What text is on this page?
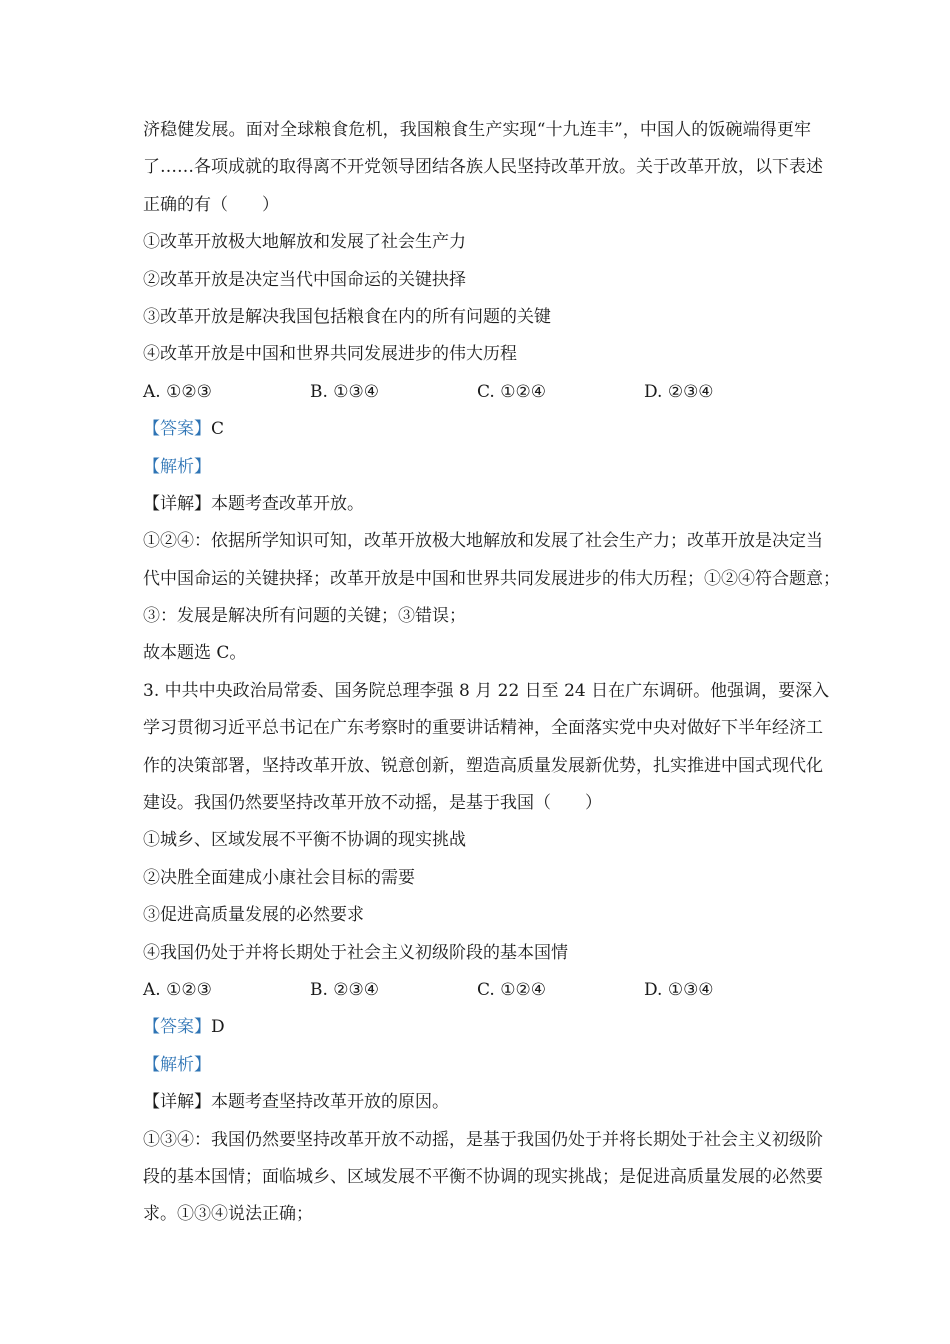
济稳健发展。面对全球粮食危机，我国粮食生产实现“十九连丰”，中国人的饭碗端得更牢
了……各项成就的取得离不开党领导团结各族人民坚持改革开放。关于改革开放，以下表述
正确的有（　　）
①改革开放极大地解放和发展了社会生产力
②改革开放是决定当代中国命运的关键抉择
③改革开放是解决我国包括粮食在内的所有问题的关键
④改革开放是中国和世界共同发展进步的伟大历程
A. ①②③	B. ①③④	C. ①②④	D. ②③④
【答案】C
【解析】
【详解】本题考查改革开放。
①②④：依据所学知识可知，改革开放极大地解放和发展了社会生产力；改革开放是决定当
代中国命运的关键抉择；改革开放是中国和世界共同发展进步的伟大历程；①②④符合题意；
③：发展是解决所有问题的关键；③错误；
故本题选 C。
3. 中共中央政治局常委、国务院总理李强 8 月 22 日至 24 日在广东调研。他强调，要深入
学习贯彻习近平总书记在广东考察时的重要讲话精神，全面落实党中央对做好下半年经济工
作的决策部署，坚持改革开放、锐意创新，塑造高质量发展新优势，扎实推进中国式现代化
建设。我国仍然要坚持改革开放不动摇，是基于我国（　　）
①城乡、区域发展不平衡不协调的现实挑战
②决胜全面建成小康社会目标的需要
③促进高质量发展的必然要求
④我国仍处于并将长期处于社会主义初级阶段的基本国情
A. ①②③	B. ②③④	C. ①②④	D. ①③④
【答案】D
【解析】
【详解】本题考查坚持改革开放的原因。
①③④：我国仍然要坚持改革开放不动摇，是基于我国仍处于并将长期处于社会主义初级阶
段的基本国情；面临城乡、区域发展不平衡不协调的现实挑战；是促进高质量发展的必然要
求。①③④说法正确；
